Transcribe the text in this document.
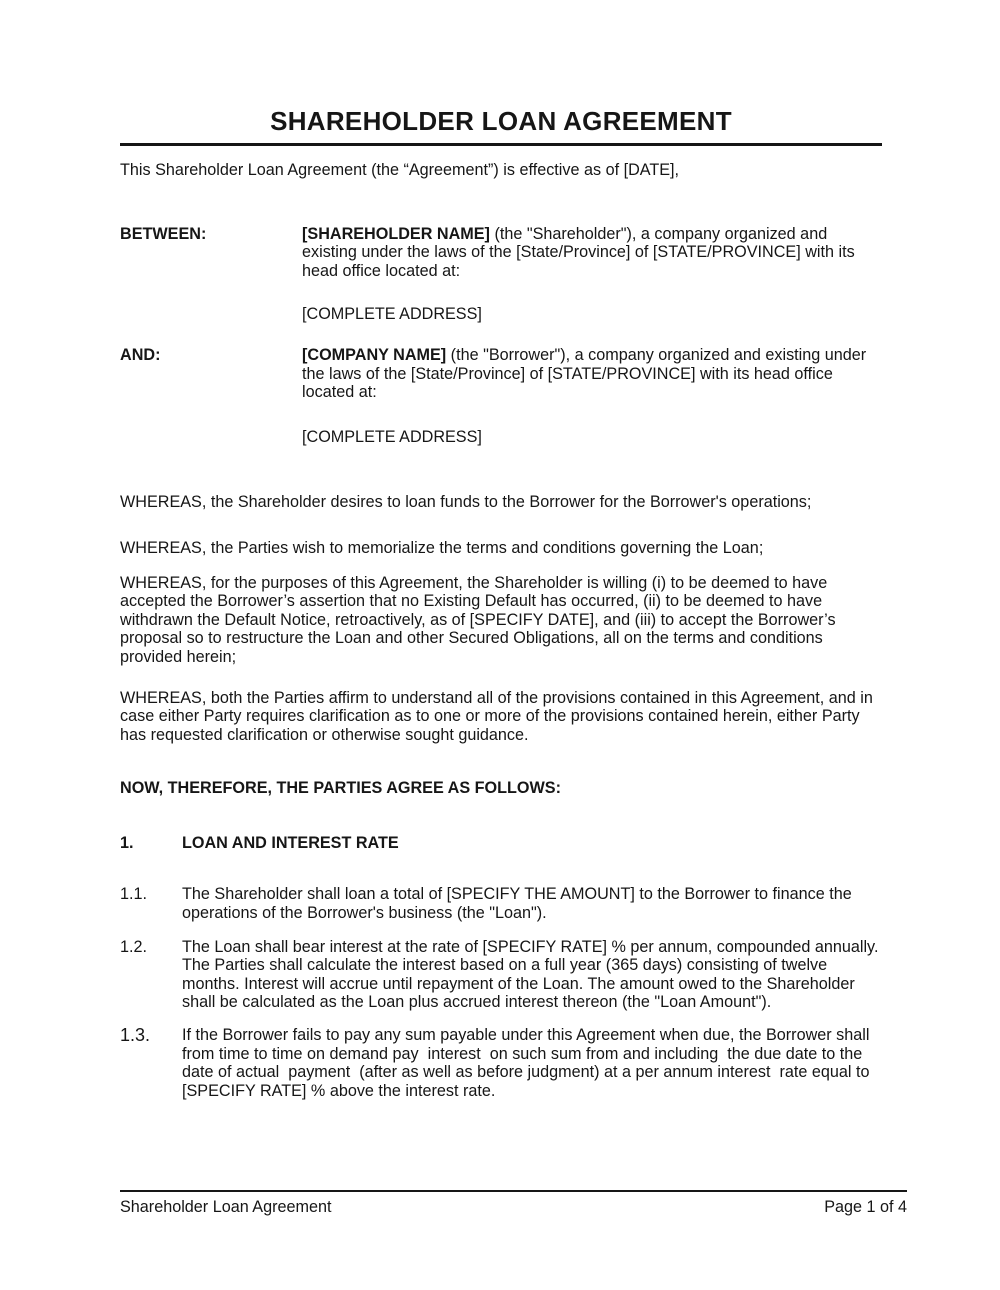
SHAREHOLDER LOAN AGREEMENT

This Shareholder Loan Agreement (the “Agreement”) is effective as of [DATE],

BETWEEN:	[SHAREHOLDER NAME] (the "Shareholder"), a company organized and existing under the laws of the [State/Province] of [STATE/PROVINCE] with its head office located at:

[COMPLETE ADDRESS]

AND:	[COMPANY NAME] (the "Borrower"), a company organized and existing under the laws of the [State/Province] of [STATE/PROVINCE] with its head office located at:

[COMPLETE ADDRESS]

WHEREAS, the Shareholder desires to loan funds to the Borrower for the Borrower's operations;

WHEREAS, the Parties wish to memorialize the terms and conditions governing the Loan;

WHEREAS, for the purposes of this Agreement, the Shareholder is willing (i) to be deemed to have accepted the Borrower’s assertion that no Existing Default has occurred, (ii) to be deemed to have withdrawn the Default Notice, retroactively, as of [SPECIFY DATE], and (iii) to accept the Borrower’s proposal so to restructure the Loan and other Secured Obligations, all on the terms and conditions provided herein;

WHEREAS, both the Parties affirm to understand all of the provisions contained in this Agreement, and in case either Party requires clarification as to one or more of the provisions contained herein, either Party has requested clarification or otherwise sought guidance.

NOW, THEREFORE, THE PARTIES AGREE AS FOLLOWS:

1.	LOAN AND INTEREST RATE
1.1.	The Shareholder shall loan a total of [SPECIFY THE AMOUNT] to the Borrower to finance the operations of the Borrower's business (the "Loan").
1.2.	The Loan shall bear interest at the rate of [SPECIFY RATE] % per annum, compounded annually. The Parties shall calculate the interest based on a full year (365 days) consisting of twelve months. Interest will accrue until repayment of the Loan. The amount owed to the Shareholder shall be calculated as the Loan plus accrued interest thereon (the "Loan Amount").
1.3.	If the Borrower fails to pay any sum payable under this Agreement when due, the Borrower shall  from time to time on demand pay  interest  on such sum from and including  the due date to the date of actual  payment  (after as well as before judgment) at a per annum interest  rate equal to [SPECIFY RATE] % above the interest rate.
Shareholder Loan Agreement	Page 1 of 4
